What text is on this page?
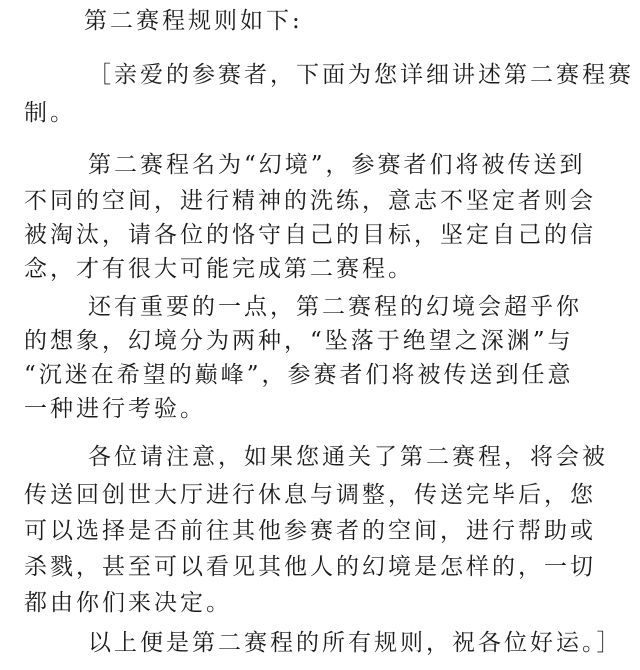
第二赛程规则如下:
［亲爱的参赛者，下面为您详细讲述第二赛程赛
制。
第二赛程名为“幻境”，参赛者们将被传送到
不同的空间，进行精神的洗练，意志不坚定者则会
被淘汰，请各位的恪守自己的目标，坚定自己的信
念，才有很大可能完成第二赛程。
还有重要的一点，第二赛程的幻境会超乎你
的想象，幻境分为两种，“坠落于绝望之深渊”与
“沉迷在希望的巅峰”，参赛者们将被传送到任意
一种进行考验。
各位请注意，如果您通关了第二赛程，将会被
传送回创世大厅进行休息与调整，传送完毕后，您
可以选择是否前往其他参赛者的空间，进行帮助或
杀戮，甚至可以看见其他人的幻境是怎样的，一切
都由你们来决定。
以上便是第二赛程的所有规则，祝各位好运。］
